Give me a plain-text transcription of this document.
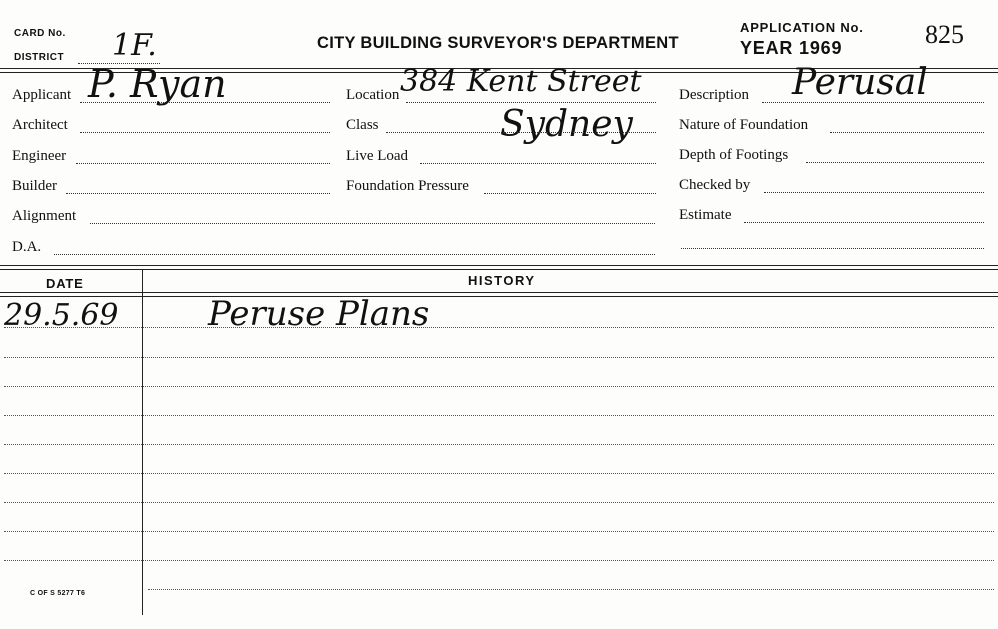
CARD No.
DISTRICT 1F.	CITY BUILDING SURVEYOR'S DEPARTMENT
APPLICATION No.
YEAR 1969	825
Applicant P. Ryan
Architect
Engineer
Builder
Alignment
D.A.
Location 384 Kent Street
Sydney
Class
Live Load
Foundation Pressure
Description Perusal
Nature of Foundation
Depth of Footings
Checked by
Estimate
DATE	HISTORY
29.5.69	Peruse Plans
C OF S 5277 T6
